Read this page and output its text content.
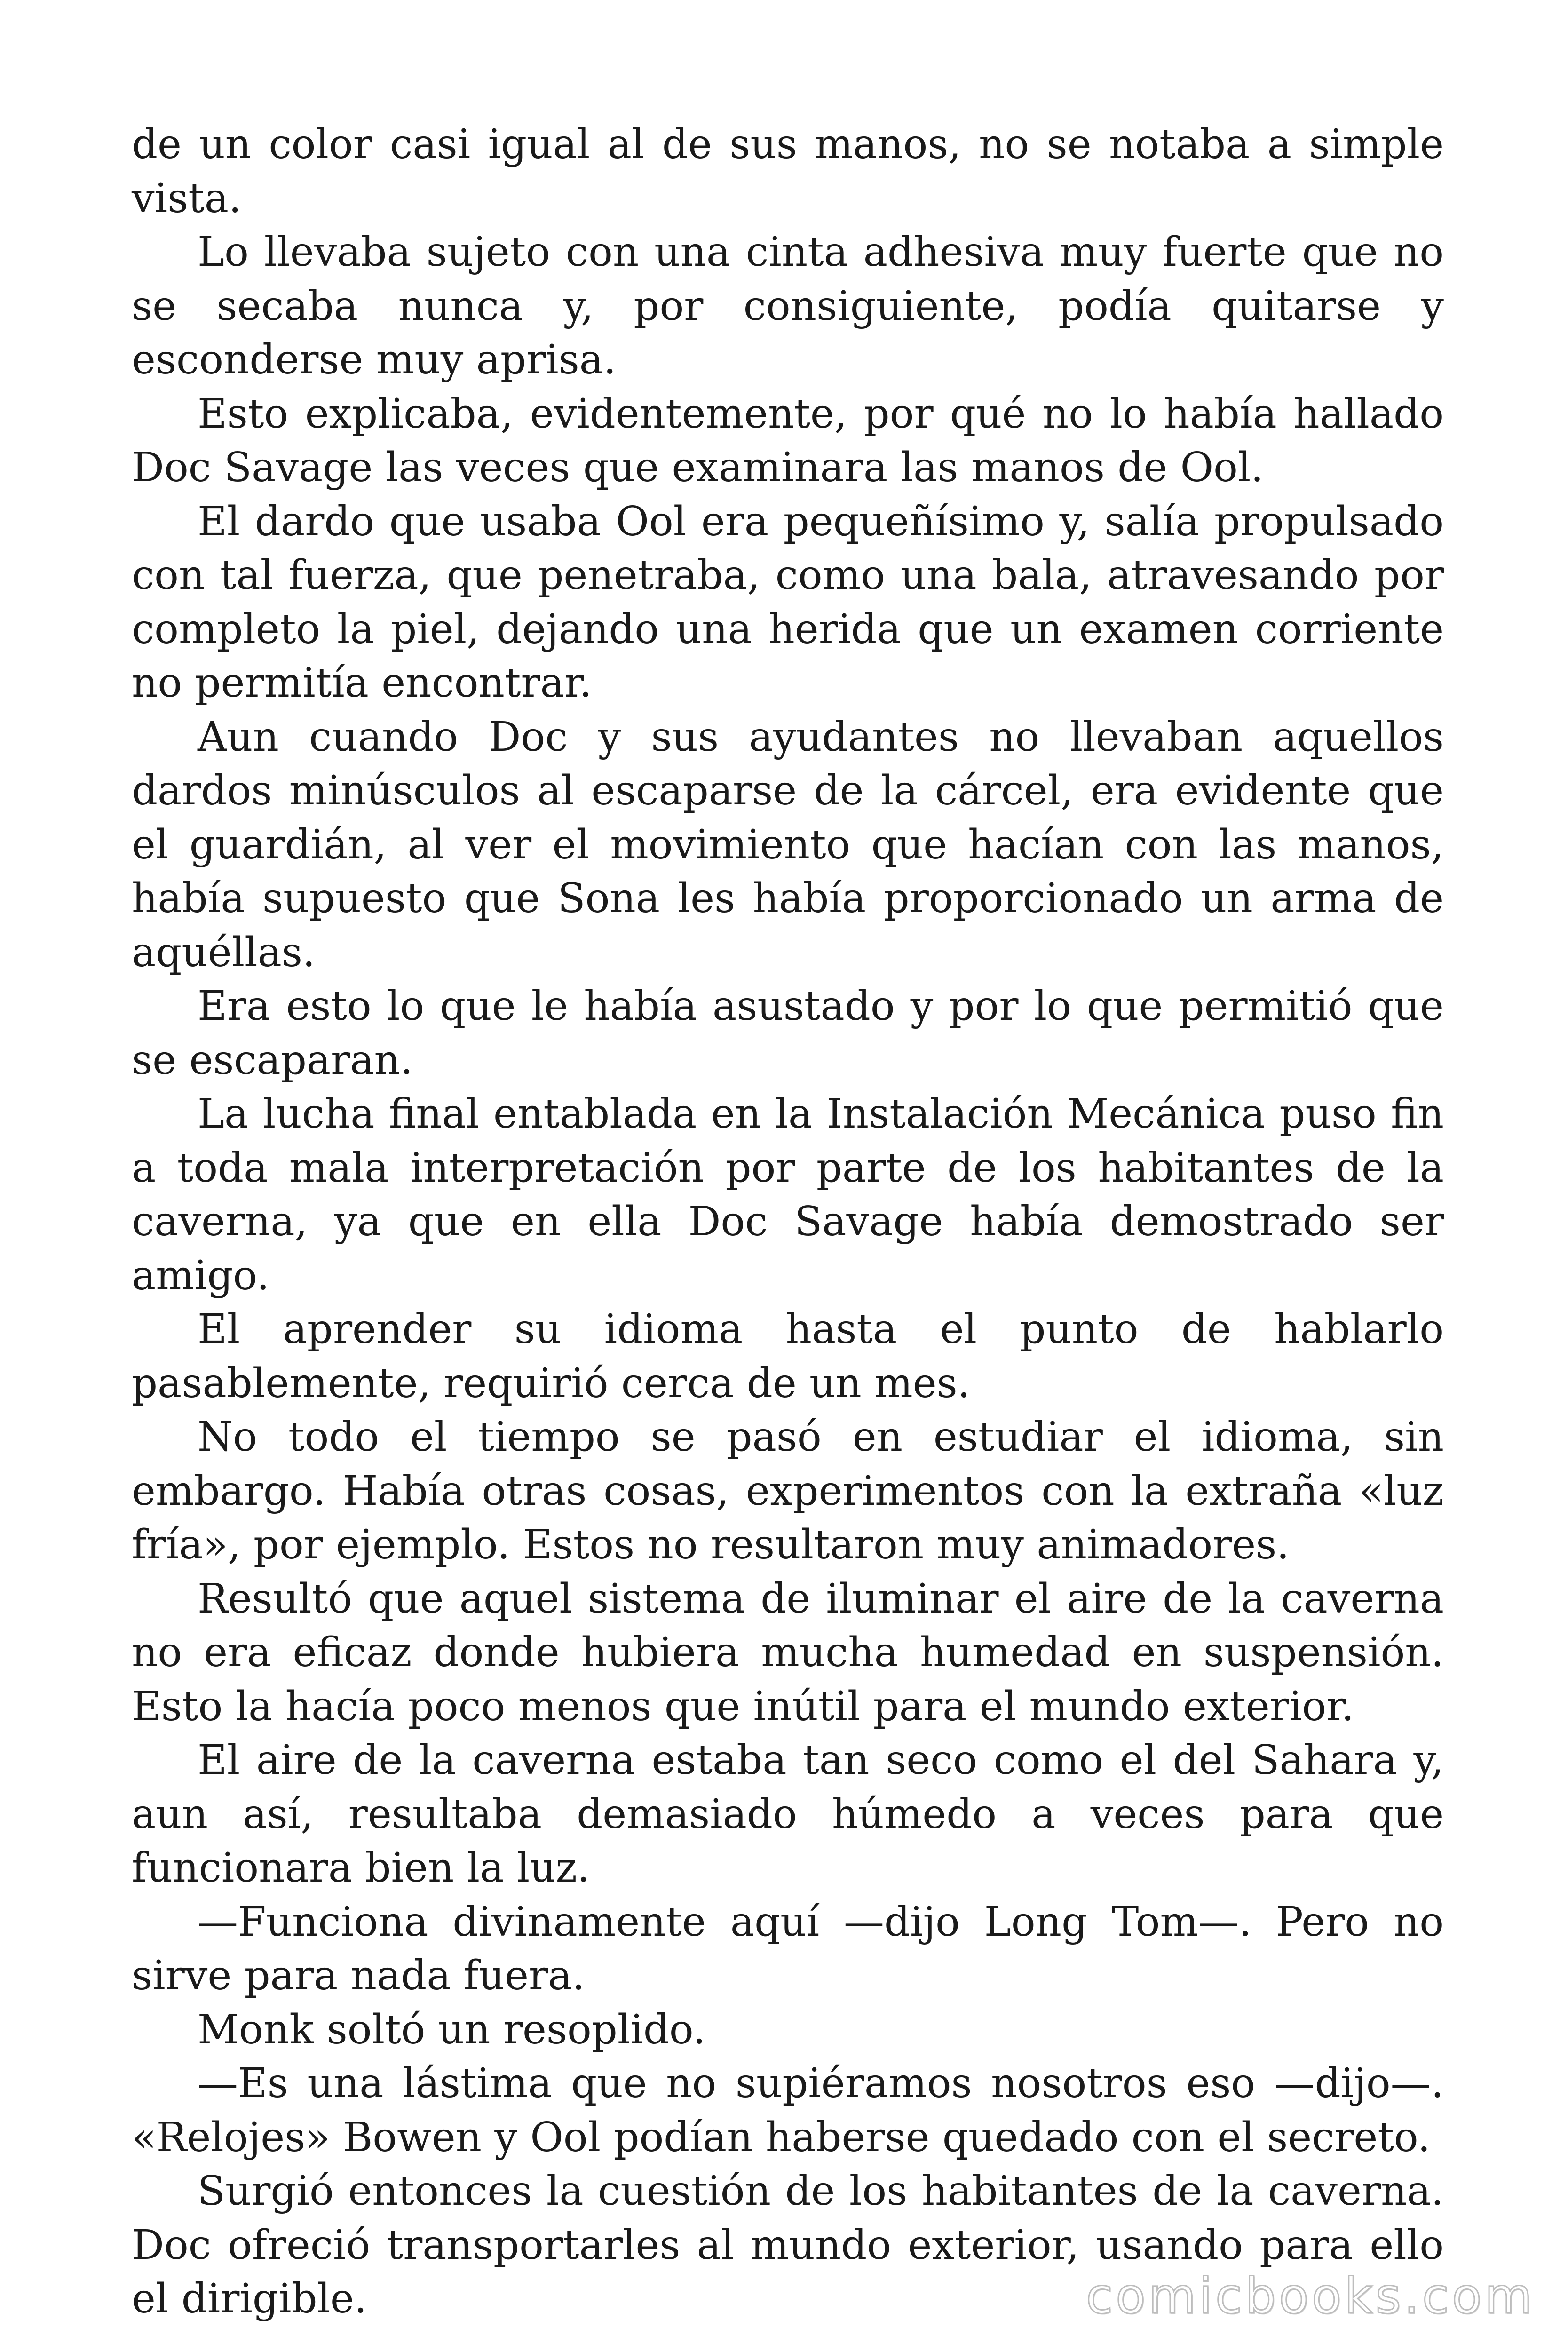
de un color casi igual al de sus manos, no se notaba a simple vista.

Lo llevaba sujeto con una cinta adhesiva muy fuerte que no se secaba nunca y, por consiguiente, podía quitarse y esconderse muy aprisa.

Esto explicaba, evidentemente, por qué no lo había hallado Doc Savage las veces que examinara las manos de Ool.

El dardo que usaba Ool era pequeñísimo y, salía propulsado con tal fuerza, que penetraba, como una bala, atravesando por completo la piel, dejando una herida que un examen corriente no permitía encontrar.

Aun cuando Doc y sus ayudantes no llevaban aquellos dardos minúsculos al escaparse de la cárcel, era evidente que el guardián, al ver el movimiento que hacían con las manos, había supuesto que Sona les había proporcionado un arma de aquéllas.

Era esto lo que le había asustado y por lo que permitió que se escaparan.

La lucha final entablada en la Instalación Mecánica puso fin a toda mala interpretación por parte de los habitantes de la caverna, ya que en ella Doc Savage había demostrado ser amigo.

El aprender su idioma hasta el punto de hablarlo pasablemente, requirió cerca de un mes.

No todo el tiempo se pasó en estudiar el idioma, sin embargo. Había otras cosas, experimentos con la extraña «luz fría», por ejemplo. Estos no resultaron muy animadores.

Resultó que aquel sistema de iluminar el aire de la caverna no era eficaz donde hubiera mucha humedad en suspensión. Esto la hacía poco menos que inútil para el mundo exterior.

El aire de la caverna estaba tan seco como el del Sahara y, aun así, resultaba demasiado húmedo a veces para que funcionara bien la luz.

—Funciona divinamente aquí —dijo Long Tom—. Pero no sirve para nada fuera.

Monk soltó un resoplido.

—Es una lástima que no supiéramos nosotros eso —dijo—. «Relojes» Bowen y Ool podían haberse quedado con el secreto.

Surgió entonces la cuestión de los habitantes de la caverna. Doc ofreció transportarles al mundo exterior, usando para ello el dirigible.	comicbooks.com
